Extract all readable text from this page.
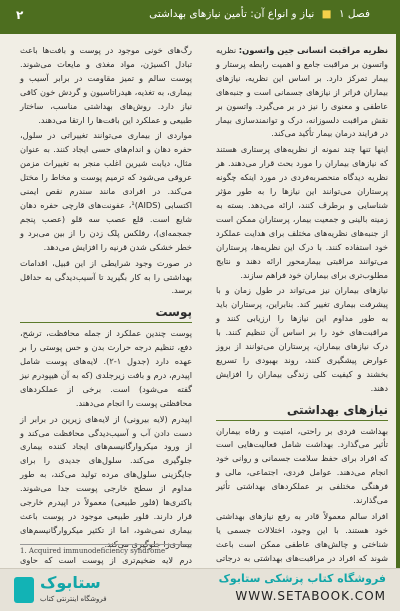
فصل ۱ ■ نیاز و انواع آن: تأمین نیازهای بهداشتی
۲

نظریه مراقبت انسانی جین واتسون: نظریه واتسون بر مراقبت جامع و اهمیت رابطه پرستار و بیمار تمرکز دارد. بر اساس این نظریه، نیازهای بیماران فراتر از نیازهای جسمانی است و جنبه‌های عاطفی و معنوی را نیز در بر می‌گیرد. واتسون بر نقش مراقبت دلسوزانه، درک و توانمندسازی بیمار در فرایند درمان بیمار تأکید می‌کند.

اینها تنها چند نمونه از نظریه‌های پرستاری هستند که نیازهای بیماران را مورد بحث قرار می‌دهند. هر نظریه دیدگاه منحصربه‌فردی در مورد اینکه چگونه پرستاران می‌توانند این نیازها را به طور مؤثر شناسایی و برطرف کنند، ارائه می‌دهد. بسته به زمینه بالینی و جمعیت بیمار، پرستاران ممکن است از جنبه‌های نظریه‌های مختلف برای هدایت عملکرد خود استفاده کنند. با درک این نظریه‌ها، پرستاران می‌توانند مراقبتی بیمارمحور ارائه دهند و نتایج مطلوب‌تری برای بیماران خود فراهم سازند.

نیازهای بیماران نیز می‌تواند در طول زمان و با پیشرفت بیماری تغییر کند. بنابراین، پرستاران باید به طور مداوم این نیازها را ارزیابی کنند و مراقبت‌های خود را بر اساس آن تنظیم کنند. با درک نیازهای بیماران، پرستاران می‌توانند از بروز عوارض پیشگیری کنند، روند بهبودی را تسریع بخشند و کیفیت کلی زندگی بیماران را افزایش دهند.

نیازهای بهداشتی

بهداشت فردی بر راحتی، امنیت و رفاه بیماران تأثیر می‌گذارد. بهداشت شامل فعالیت‌هایی است که افراد برای حفظ سلامت جسمانی و روانی خود انجام می‌دهند. عوامل فردی، اجتماعی، مالی و فرهنگی مختلفی بر عملکردهای بهداشتی تأثیر می‌گذارند.

افراد سالم معمولاً قادر به رفع نیازهای بهداشتی خود هستند. با این وجود، اختلالات جسمی یا شناختی و چالش‌های عاطفی ممکن است باعث شوند که افراد در مراقبت‌های بهداشتی به درجاتی

رگ‌های خونی موجود در پوست و بافت‌ها باعث تبادل اکسیژن، مواد مغذی و مایعات می‌شوند. پوست سالم و تمیز مقاومت در برابر آسیب و بیماری، به تغذیه، هیدراتاسیون و گردش خون کافی نیاز دارد. روش‌های بهداشتی مناسب، ساختار طبیعی و عملکرد این بافت‌ها را ارتقا می‌دهند.

مواردی از بیماری می‌توانند تغییراتی در سلول، حفره دهان و اندام‌های حسی ایجاد کنند. به عنوان مثال، دیابت شیرین اغلب منجر به تغییرات مزمن عروقی می‌شود که ترمیم پوست و مخاط را مختل می‌کند. در افرادی مانند سندرم نقص ایمنی اکتسابی (AIDS)¹، عفونت‌های قارچی حفره دهان شایع است. قلع عصب سه قلو (عصب پنجم جمجمه‌ای)، رفلکس پلک زدن را از بین می‌برد و خطر خشکی شدن قرنیه را افزایش می‌دهد.

در صورت وجود شرایطی از این قبیل، اقدامات بهداشتی را به کار بگیرید تا آسیب‌دیدگی به حداقل برسد.

پوست

پوست چندین عملکرد از جمله محافظت، ترشح، دفع، تنظیم درجه حرارت بدن و حس پوستی را بر عهده دارد (جدول ۱-۲). لایه‌های پوست شامل اپیدرم، درم و بافت زیرجلدی (که به آن هیپودرم نیز گفته می‌شود) است. برخی از عملکردهای محافظتی پوست را انجام می‌دهند.

اپیدرم (لایه بیرونی) از لایه‌های زیرین در برابر از دست دادن آب و آسیب‌دیدگی محافظت می‌کند و از ورود میکروارگانیسم‌های ایجاد کننده بیماری جلوگیری می‌کند. سلول‌های جدیدی را برای جایگزینی سلول‌های مرده تولید می‌کند، به طور مداوم از سطح خارجی پوست جدا می‌شوند. باکتری‌ها (فلور طبیعی) معمولاً در اپیدرم خارجی قرار دارند. فلور طبیعی موجود در پوست باعث بیماری نمی‌شود، اما از تکثیر میکروارگانیسم‌های بیماری‌زا جلوگیری می‌کند.

درم لایه ضخیم‌تری از پوست است که حاوی

1. Acquired immunodeficiency syndrome
ستابوک
فروشگاه اینترنتی کتاب
فروشگاه کتاب پزشکی ستابوک
WWW.SETABOOK.COM
